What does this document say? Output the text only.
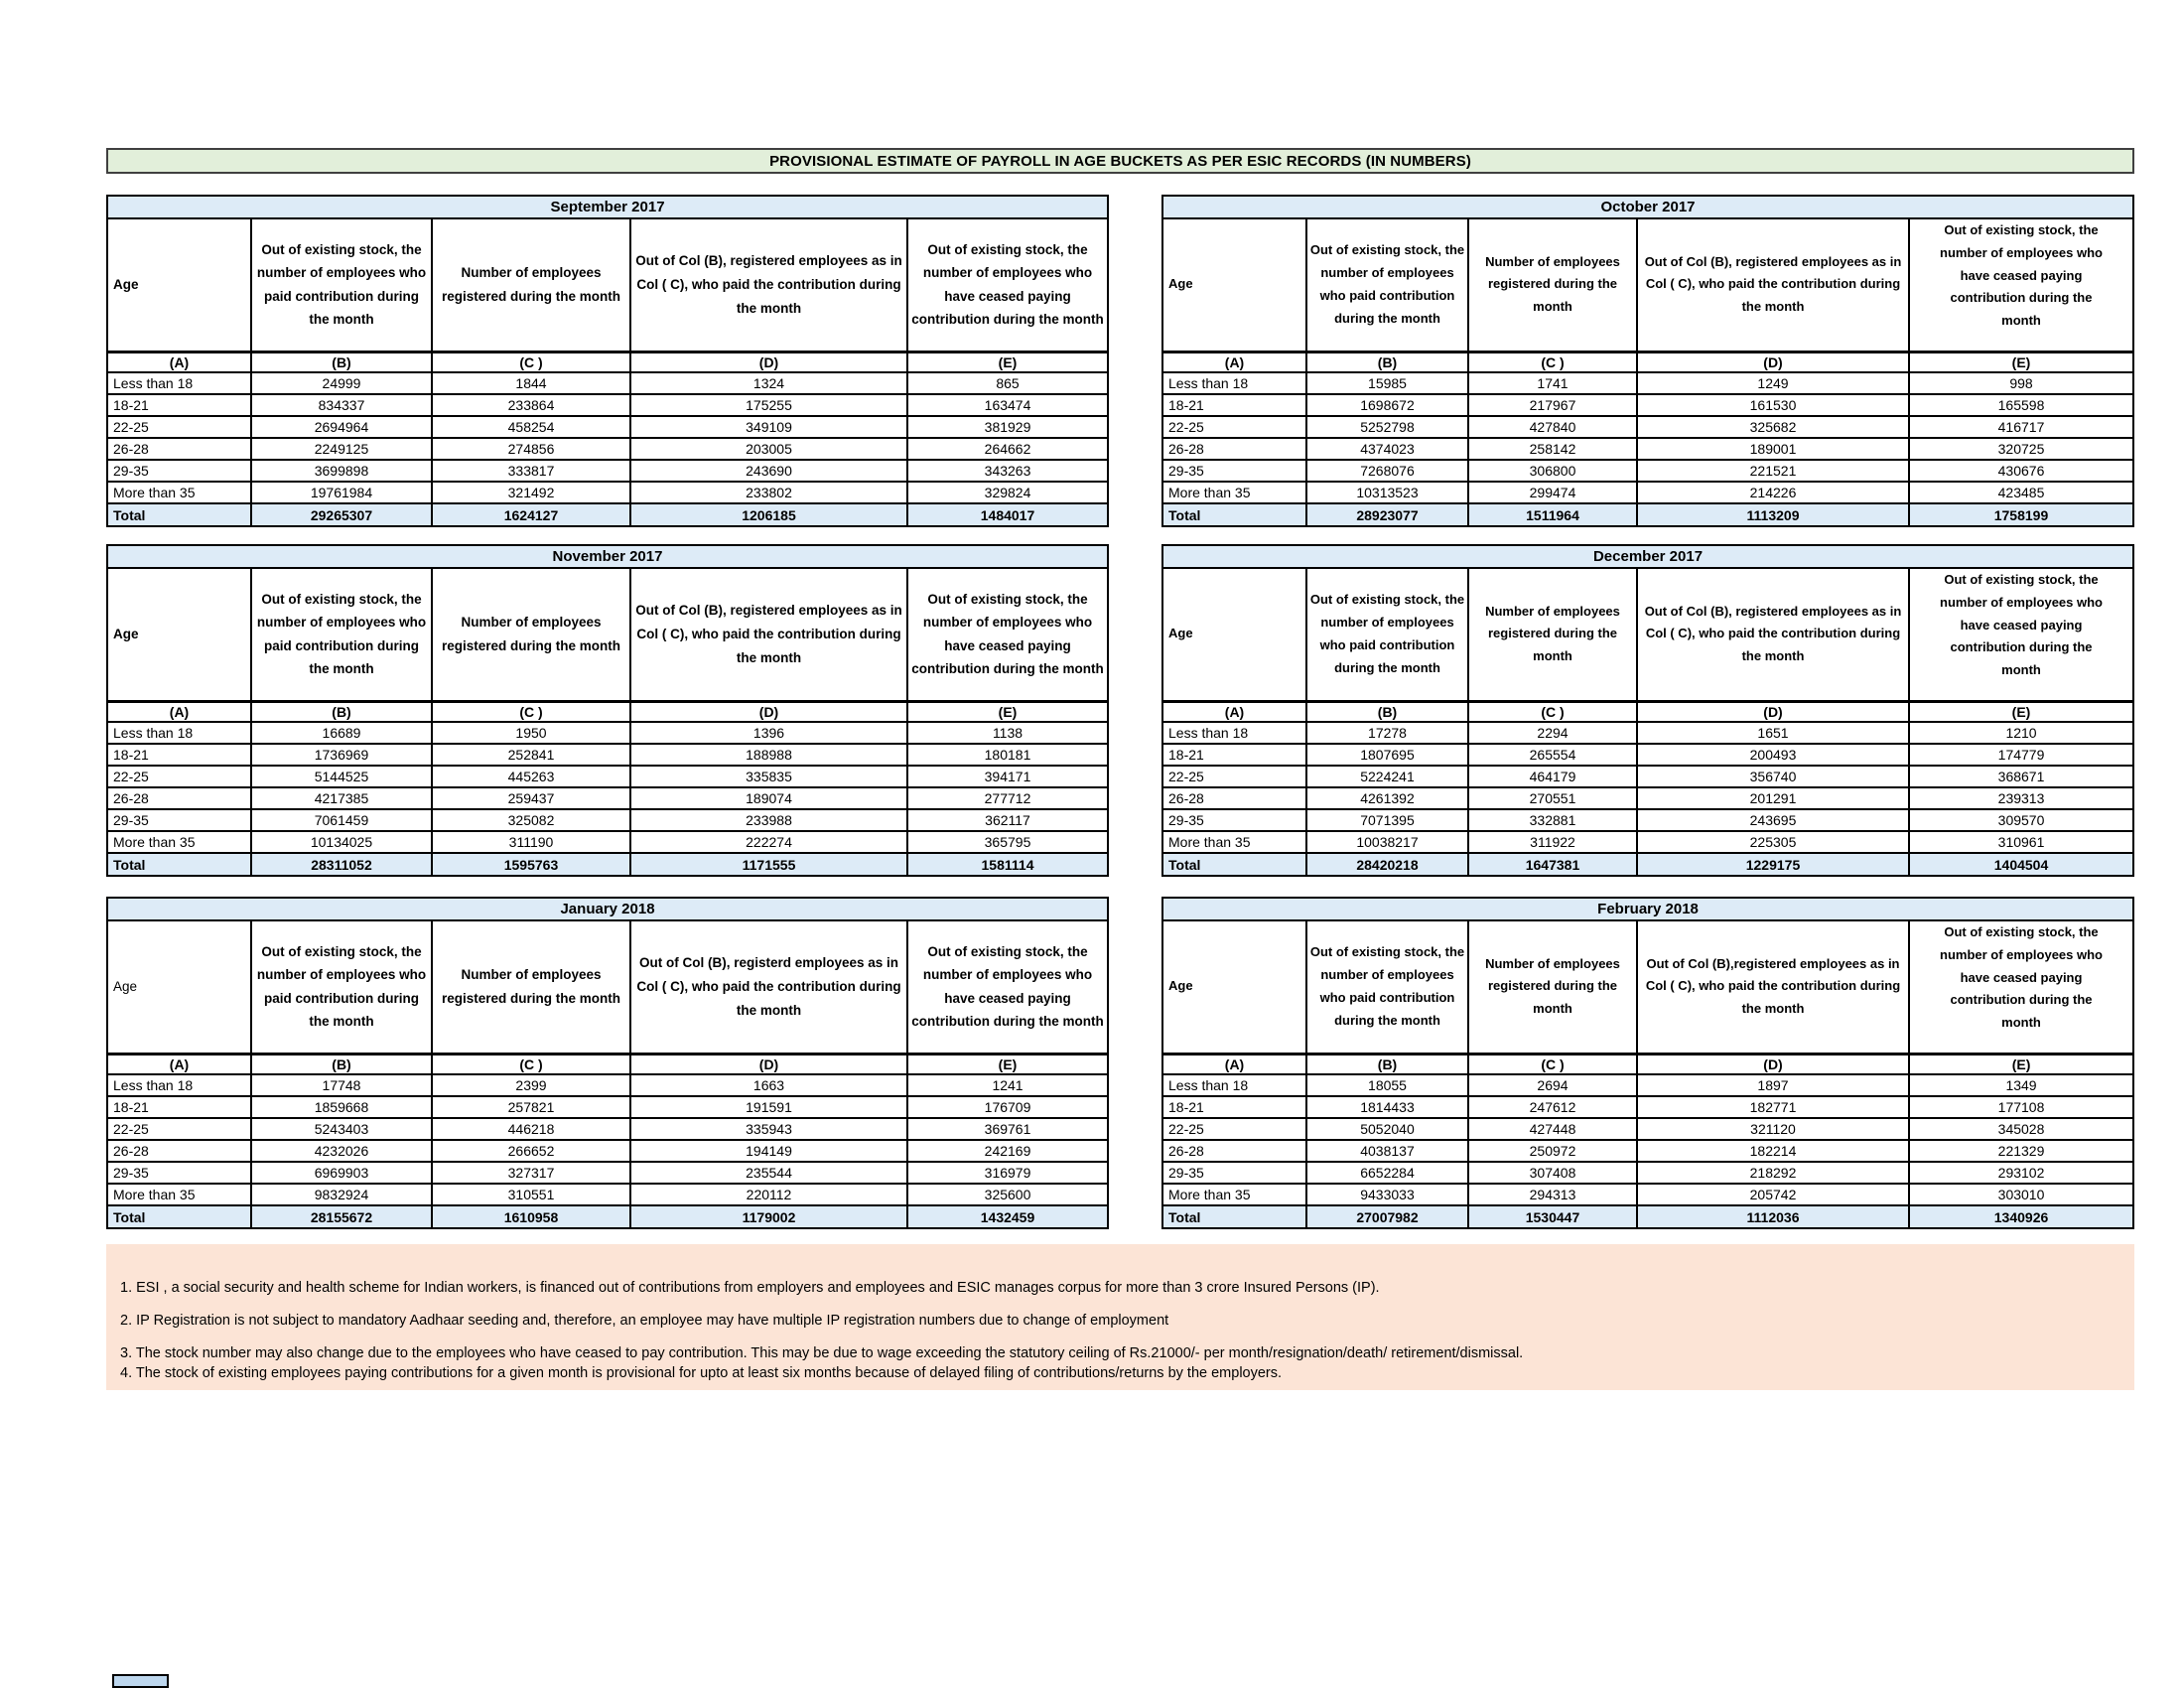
PROVISIONAL ESTIMATE OF PAYROLL IN AGE BUCKETS AS PER ESIC RECORDS (IN NUMBERS)
September 2017				

Age	Out of existing stock, the number of employees who paid contribution during the month	Number of employees registered during the month	Out of Col (B), registered employees as in Col ( C), who paid the contribution during the month	Out of existing stock, the number of employees who have ceased paying contribution during the month

(A)	(B)	(C )	(D)	(E)
Less than 18	24999	1844	1324	865
18-21	834337	233864	175255	163474
22-25	2694964	458254	349109	381929
26-28	2249125	274856	203005	264662
29-35	3699898	333817	243690	343263
More than 35	19761984	321492	233802	329824
Total	29265307	1624127	1206185	1484017
October 2017				

Age	Out of existing stock, the number of employees who paid contribution during the month	Number of employees registered during the month	Out of Col (B), registered employees as in Col ( C), who paid the contribution during the month	Out of existing stock, the number of employees who have ceased paying contribution during the month

(A)	(B)	(C )	(D)	(E)
Less than 18	15985	1741	1249	998
18-21	1698672	217967	161530	165598
22-25	5252798	427840	325682	416717
26-28	4374023	258142	189001	320725
29-35	7268076	306800	221521	430676
More than 35	10313523	299474	214226	423485
Total	28923077	1511964	1113209	1758199
November 2017				

Age	Out of existing stock, the number of employees who paid contribution during the month	Number of employees registered during the month	Out of Col (B), registered employees as in Col ( C), who paid the contribution during the month	Out of existing stock, the number of employees who have ceased paying contribution during the month

(A)	(B)	(C )	(D)	(E)
Less than 18	16689	1950	1396	1138
18-21	1736969	252841	188988	180181
22-25	5144525	445263	335835	394171
26-28	4217385	259437	189074	277712
29-35	7061459	325082	233988	362117
More than 35	10134025	311190	222274	365795
Total	28311052	1595763	1171555	1581114
December 2017				

Age	Out of existing stock, the number of employees who paid contribution during the month	Number of employees registered during the month	Out of Col (B), registered employees as in Col ( C), who paid the contribution during the month	Out of existing stock, the number of employees who have ceased paying contribution during the month

(A)	(B)	(C )	(D)	(E)
Less than 18	17278	2294	1651	1210
18-21	1807695	265554	200493	174779
22-25	5224241	464179	356740	368671
26-28	4261392	270551	201291	239313
29-35	7071395	332881	243695	309570
More than 35	10038217	311922	225305	310961
Total	28420218	1647381	1229175	1404504
January 2018				

Age	Out of existing stock, the number of employees who paid contribution during the month	Number of employees registered during the month	Out of Col (B), registerd employees as in Col ( C), who paid the contribution during the month	Out of existing stock, the number of employees who have ceased paying contribution during the month

(A)	(B)	(C )	(D)	(E)
Less than 18	17748	2399	1663	1241
18-21	1859668	257821	191591	176709
22-25	5243403	446218	335943	369761
26-28	4232026	266652	194149	242169
29-35	6969903	327317	235544	316979
More than 35	9832924	310551	220112	325600
Total	28155672	1610958	1179002	1432459
February 2018				

Age	Out of existing stock, the number of employees who paid contribution during the month	Number of employees registered during the month	Out of Col (B),registered employees as in Col ( C), who paid the contribution during the month	Out of existing stock, the number of employees who have ceased paying contribution during the month

(A)	(B)	(C )	(D)	(E)
Less than 18	18055	2694	1897	1349
18-21	1814433	247612	182771	177108
22-25	5052040	427448	321120	345028
26-28	4038137	250972	182214	221329
29-35	6652284	307408	218292	293102
More than 35	9433033	294313	205742	303010
Total	27007982	1530447	1112036	1340926

1. ESI , a social security and health scheme for Indian workers, is financed out of contributions from employers and employees and ESIC manages corpus for more than 3 crore Insured Persons (IP).

2. IP Registration is not subject to mandatory Aadhaar seeding and, therefore, an employee may have multiple IP registration numbers due to change of employment

3. The stock number may also change due to the employees who have ceased to pay contribution. This may be due to wage exceeding the statutory ceiling of Rs.21000/- per month/resignation/death/ retirement/dismissal.

4. The stock of existing employees paying contributions for a given month is provisional for upto at least six months because of delayed filing of contributions/returns by the employers.
